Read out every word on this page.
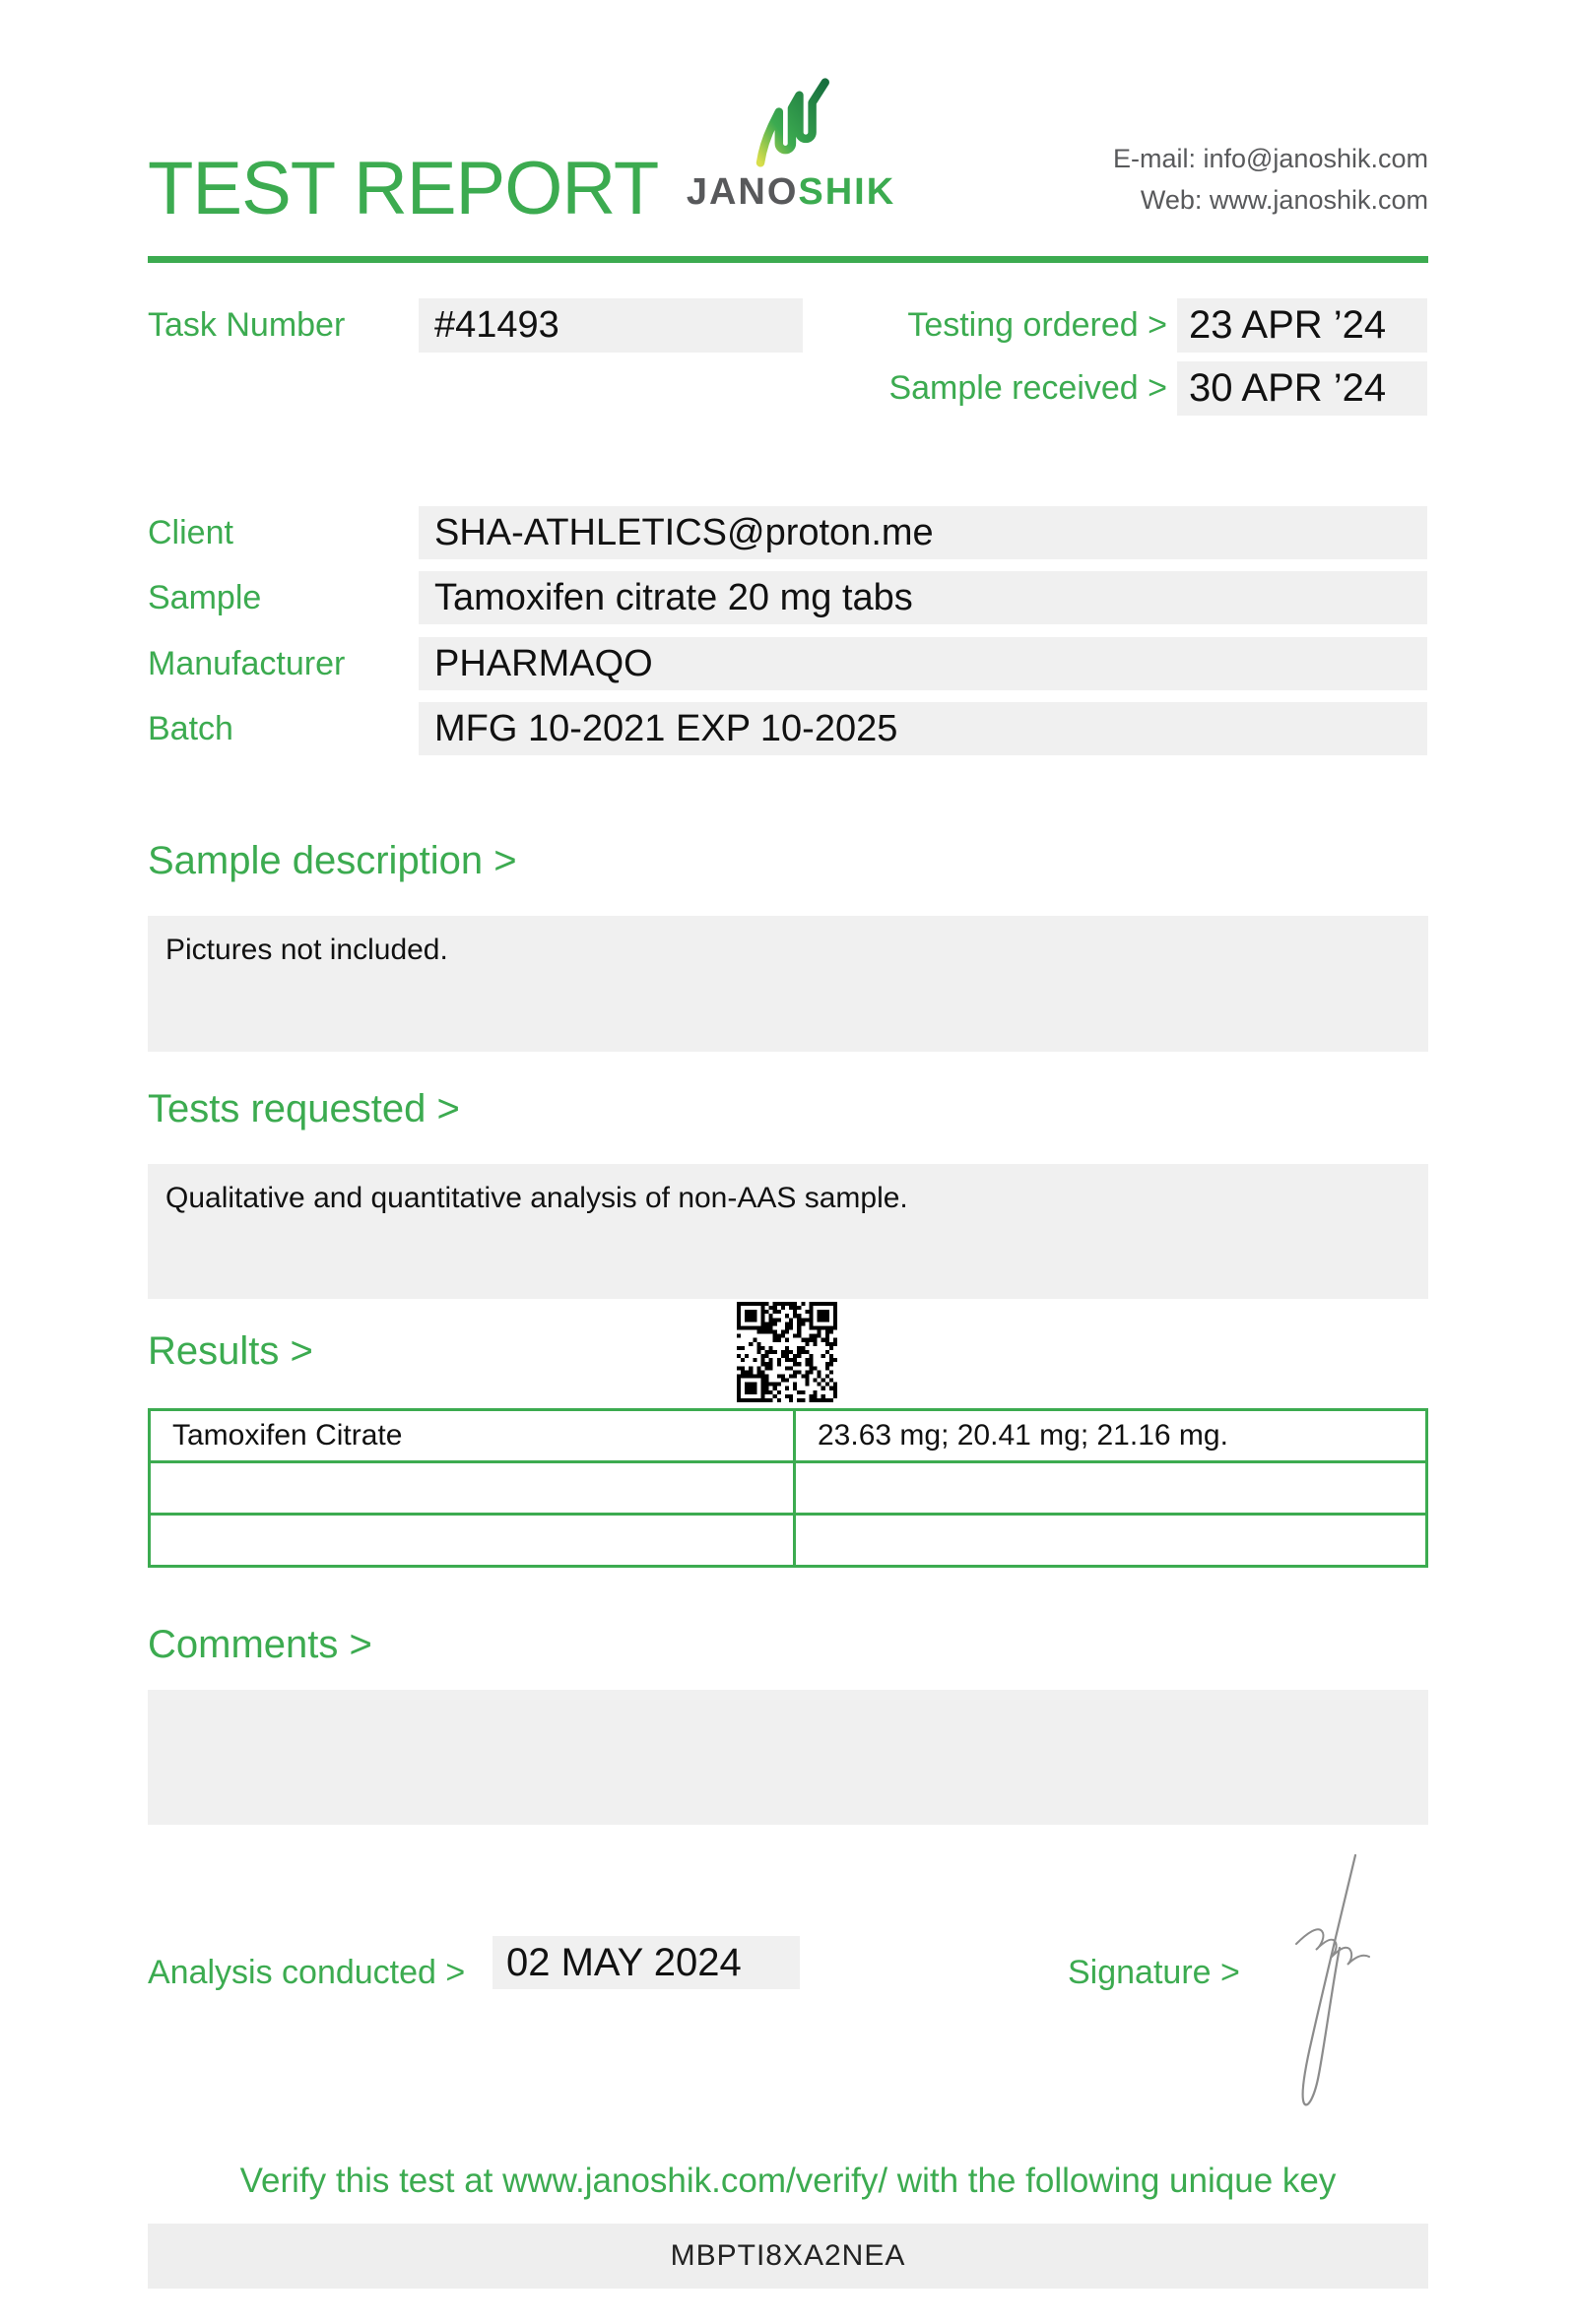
TEST REPORT JANOSHIK
E-mail: info@janoshik.com
Web: www.janoshik.com
Task Number	#41493	Testing ordered > 23 APR ’24
Sample received > 30 APR ’24
Client	SHA-ATHLETICS@proton.me
Sample	Tamoxifen citrate 20 mg tabs
Manufacturer	PHARMAQO
Batch	MFG 10-2021 EXP 10-2025
Sample description >
Pictures not included.
Tests requested >
Qualitative and quantitative analysis of non-AAS sample.
Results >
Tamoxifen Citrate	23.63 mg; 20.41 mg; 21.16 mg.

Comments >
Analysis conducted >	02 MAY 2024	Signature >
Verify this test at www.janoshik.com/verify/ with the following unique key
MBPTI8XA2NEA
